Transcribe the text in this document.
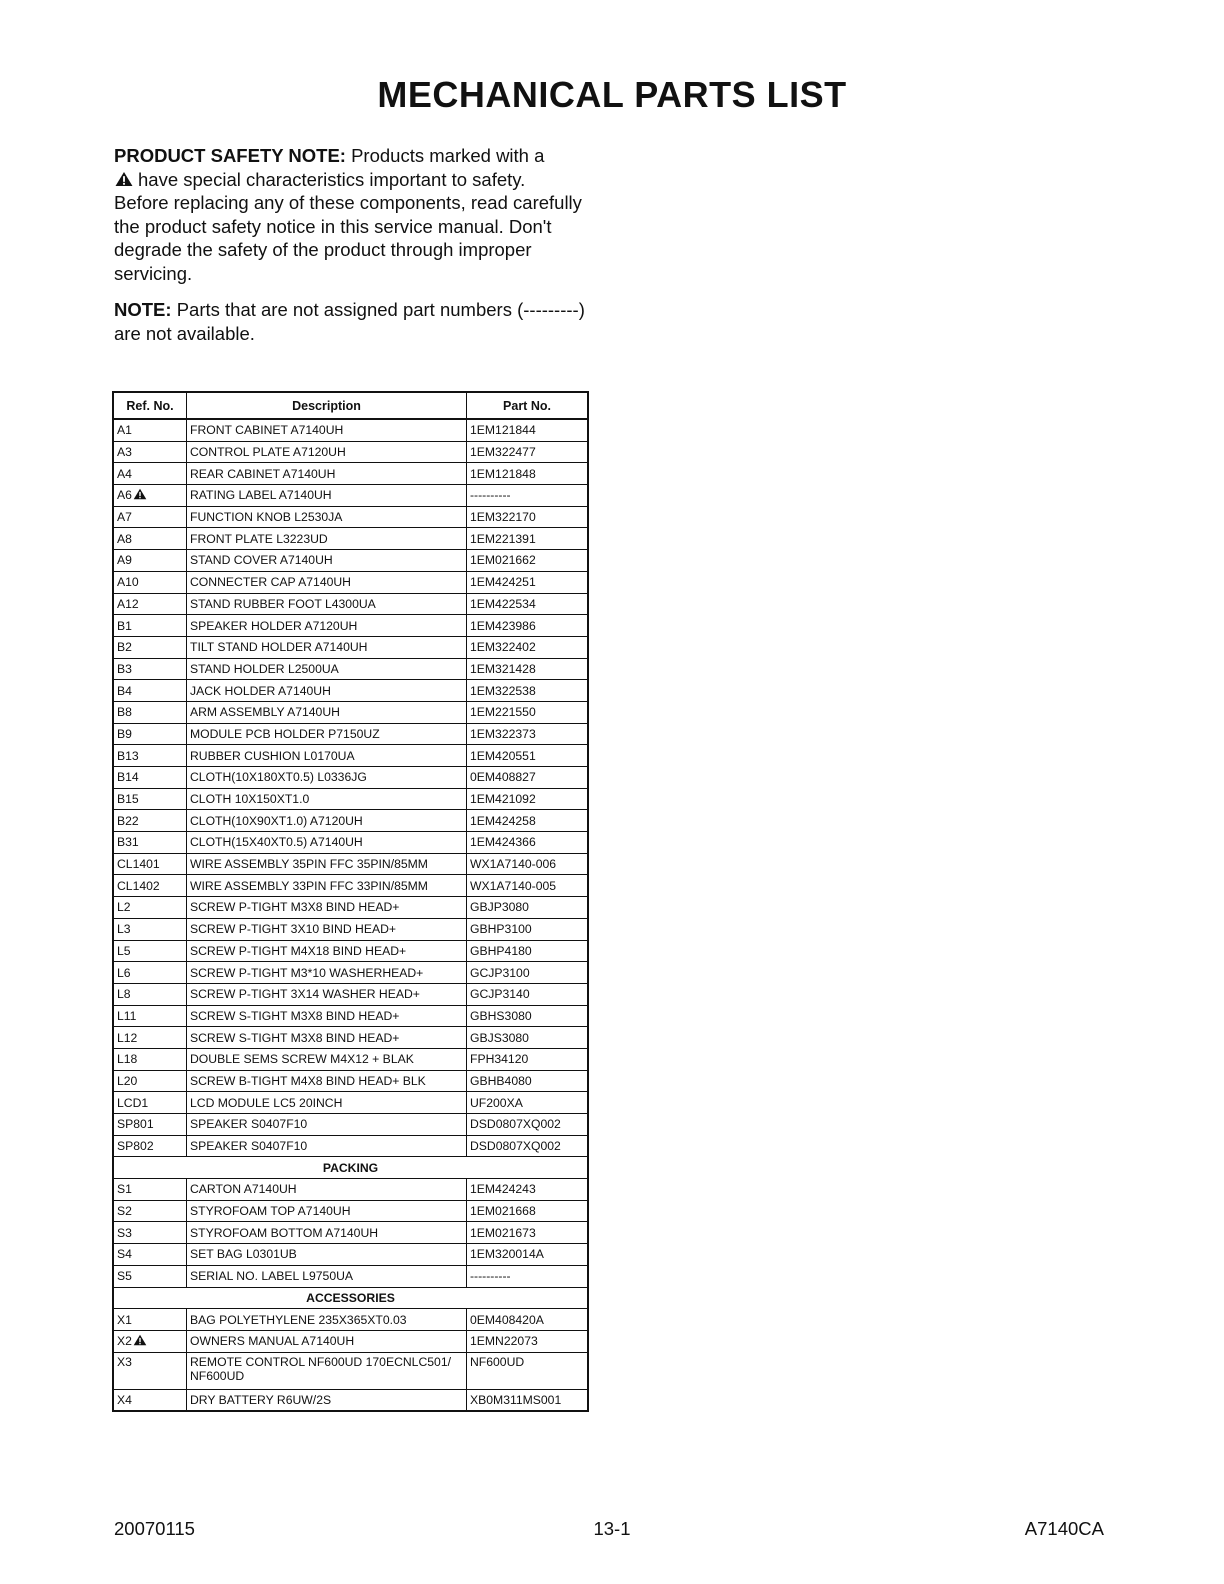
MECHANICAL PARTS LIST
PRODUCT SAFETY NOTE: Products marked with a
have special characteristics important to safety.
Before replacing any of these components, read carefully the product safety notice in this service manual. Don't degrade the safety of the product through improper servicing.
NOTE: Parts that are not assigned part numbers (---------) are not available.
Ref. No.	Description	Part No.
A1	FRONT CABINET A7140UH	1EM121844
A3	CONTROL PLATE A7120UH	1EM322477
A4	REAR CABINET A7140UH	1EM121848
A6	RATING LABEL A7140UH	----------
A7	FUNCTION KNOB L2530JA	1EM322170
A8	FRONT PLATE L3223UD	1EM221391
A9	STAND COVER A7140UH	1EM021662
A10	CONNECTER CAP A7140UH	1EM424251
A12	STAND RUBBER FOOT L4300UA	1EM422534
B1	SPEAKER HOLDER A7120UH	1EM423986
B2	TILT STAND HOLDER A7140UH	1EM322402
B3	STAND HOLDER L2500UA	1EM321428
B4	JACK HOLDER A7140UH	1EM322538
B8	ARM ASSEMBLY A7140UH	1EM221550
B9	MODULE PCB HOLDER P7150UZ	1EM322373
B13	RUBBER CUSHION L0170UA	1EM420551
B14	CLOTH(10X180XT0.5) L0336JG	0EM408827
B15	CLOTH 10X150XT1.0	1EM421092
B22	CLOTH(10X90XT1.0) A7120UH	1EM424258
B31	CLOTH(15X40XT0.5) A7140UH	1EM424366
CL1401	WIRE ASSEMBLY 35PIN FFC 35PIN/85MM	WX1A7140-006
CL1402	WIRE ASSEMBLY 33PIN FFC 33PIN/85MM	WX1A7140-005
L2	SCREW P-TIGHT M3X8 BIND HEAD+	GBJP3080
L3	SCREW P-TIGHT 3X10 BIND HEAD+	GBHP3100
L5	SCREW P-TIGHT M4X18 BIND HEAD+	GBHP4180
L6	SCREW P-TIGHT M3*10 WASHERHEAD+	GCJP3100
L8	SCREW P-TIGHT 3X14 WASHER HEAD+	GCJP3140
L11	SCREW S-TIGHT M3X8 BIND HEAD+	GBHS3080
L12	SCREW S-TIGHT M3X8 BIND HEAD+	GBJS3080
L18	DOUBLE SEMS SCREW M4X12 + BLAK	FPH34120
L20	SCREW B-TIGHT M4X8 BIND HEAD+ BLK	GBHB4080
LCD1	LCD MODULE LC5 20INCH	UF200XA
SP801	SPEAKER S0407F10	DSD0807XQ002
SP802	SPEAKER S0407F10	DSD0807XQ002
PACKING		
S1	CARTON A7140UH	1EM424243
S2	STYROFOAM TOP A7140UH	1EM021668
S3	STYROFOAM BOTTOM A7140UH	1EM021673
S4	SET BAG L0301UB	1EM320014A
S5	SERIAL NO. LABEL L9750UA	----------
ACCESSORIES		
X1	BAG POLYETHYLENE 235X365XT0.03	0EM408420A
X2	OWNERS MANUAL A7140UH	1EMN22073
X3	REMOTE CONTROL NF600UD 170ECNLC501/ NF600UD	NF600UD
X4	DRY BATTERY R6UW/2S	XB0M311MS001
20070115	13-1	A7140CA
